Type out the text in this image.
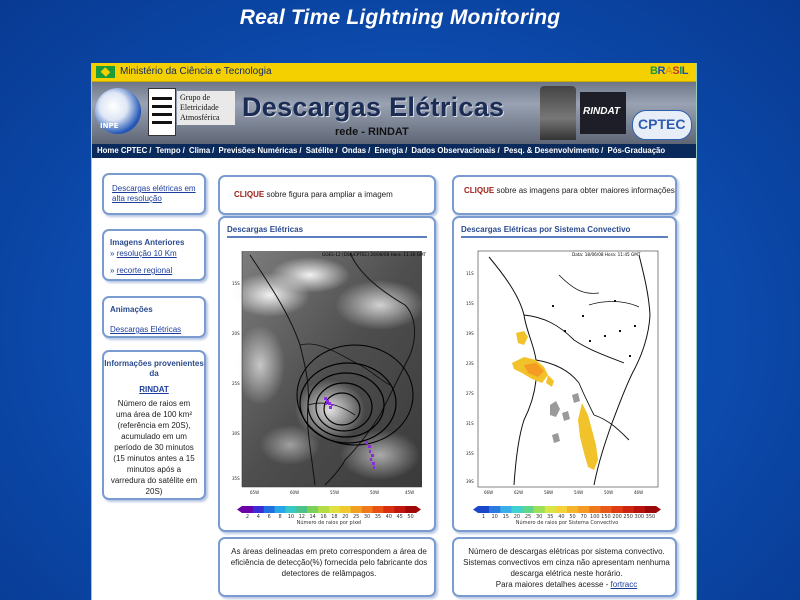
Real Time Lightning Monitoring
Ministério da Ciência e Tecnologia	BRASIL
INPE
Grupo de Eletricidade Atmosférica Descargas Elétricas
rede - RINDAT
RINDAT
CPTEC
Home CPTEC / Tempo / Clima / Previsões Numéricas / Satélite / Ondas / Energia / Dados Observacionais / Pesq. & Desenvolvimento / Pós-Graduação
Descargas elétricas em alta resolução
Imagens Anteriores
» resolução 10 Km
» recorte regional
Animações
Descargas Elétricas
Informações provenientes da
RINDAT
Número de raios em uma área de 100 km² (referência em 20S), acumulado em um período de 30 minutos (15 minutos antes a 15 minutos após a varredura do satélite em 20S)
CLIQUE sobre figura para ampliar a imagem	CLIQUE sobre as imagens para obter maiores informações
Descargas Elétricas
15S
20S
25S
30S
35S
65W	60W	55W	50W	45W
GOES-12 (DSA/CPTEC) 20/08/08 Hora: 11:30 GMT
2 4 6 8 10 12 14 16 18 20 25 30 35 40 45 50
Número de raios por pixel
Descargas Elétricas por Sistema Convectivo
11S
15S
19S
23S
27S
31S
35S
39S
66W	62W	58W	54W	50W	46W
Data: 18/06/08 Hora: 11:45 GMT
1 10 15 20 25 30 35 40 50 70 100 150 200 250 300 350
Número de raios por Sistema Convectivo
As áreas delineadas em preto correspondem a área de eficiência de detecção(%) fornecida pelo fabricante dos detectores de relâmpagos.
Número de descargas elétricas por sistema convectivo. Sistemas convectivos em cinza não apresentam nenhuma descarga elétrica neste horário.
Para maiores detalhes acesse - fortracc
